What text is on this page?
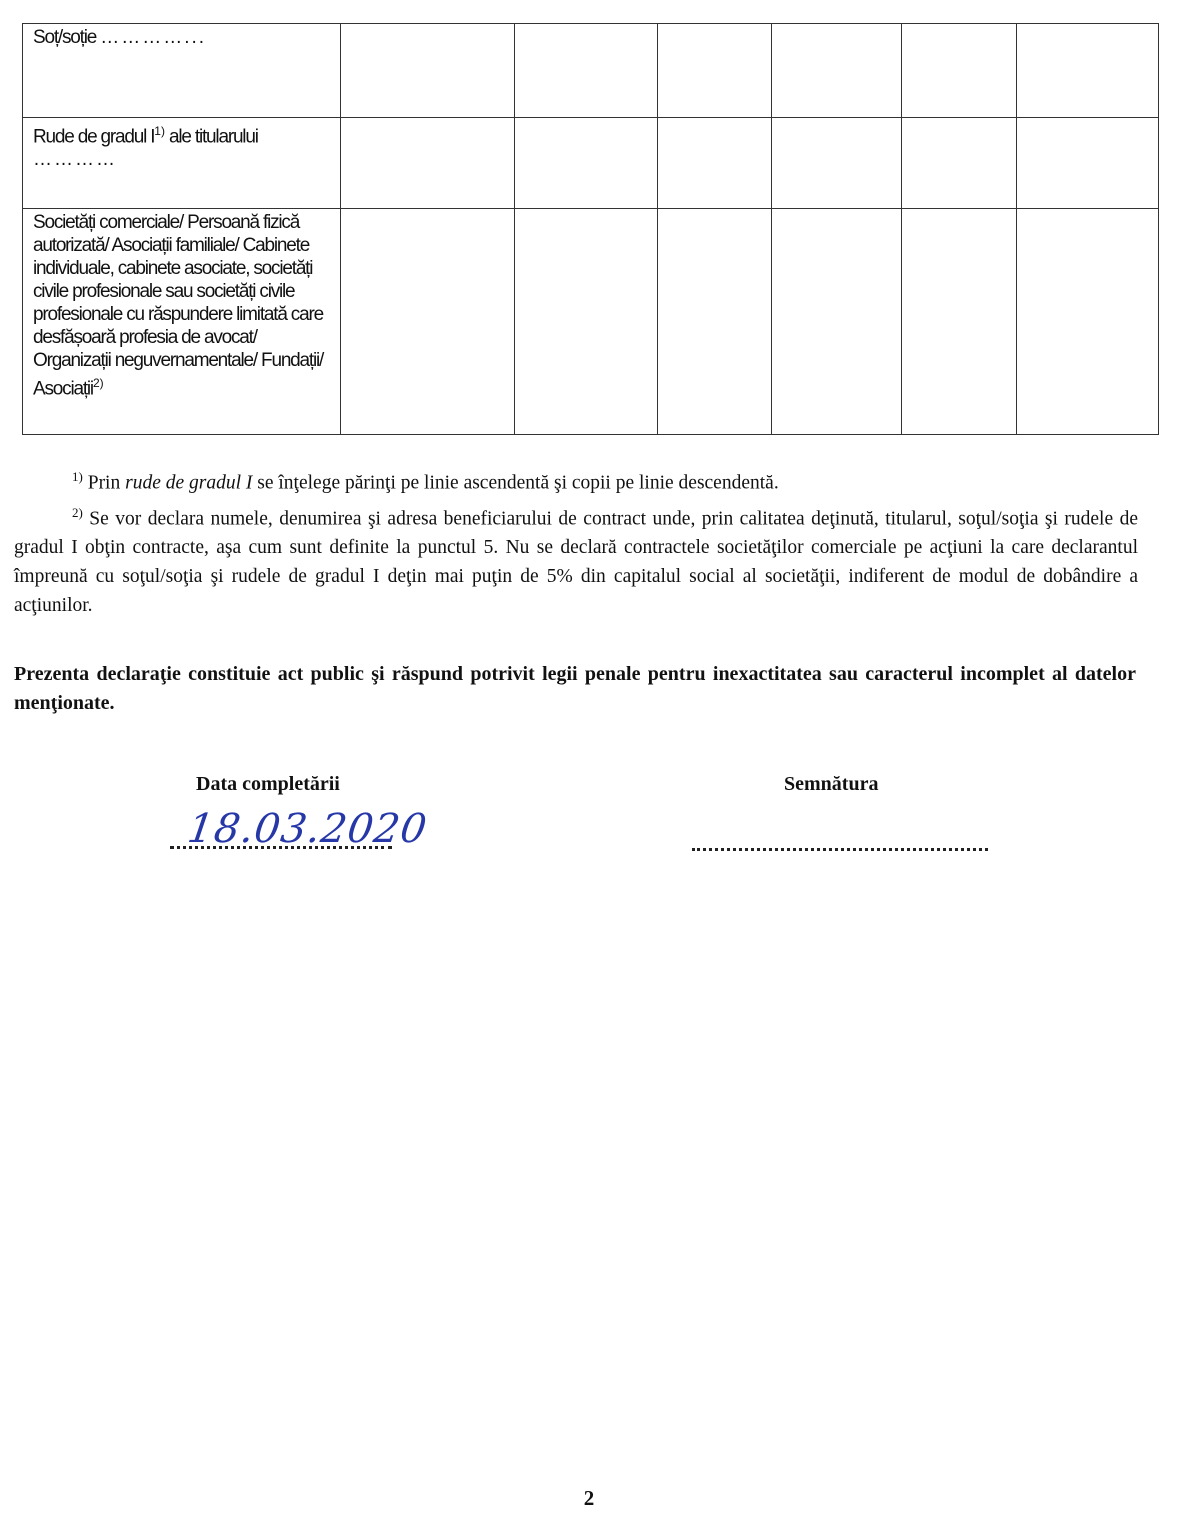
Soț/soție …………...						
Rude de gradul $I^{1)}$ ale titularului
…………						
Societăți comerciale/ Persoană fizică autorizată/ Asociații familiale/ Cabinete individuale, cabinete asociate, societăți civile profesionale sau societăți civile profesionale cu răspundere limitată care desfășoară profesia de avocat/ Organizații neguvernamentale/ Fundații/ Asociații$^{2)}$						

$^{1)}$ Prin rude de gradul I se înţelege părinţi pe linie ascendentă şi copii pe linie descendentă.

$^{2)}$ Se vor declara numele, denumirea şi adresa beneficiarului de contract unde, prin calitatea deţinută, titularul, soţul/soţia şi rudele de gradul I obţin contracte, aşa cum sunt definite la punctul 5. Nu se declară contractele societăţilor comerciale pe acţiuni la care declarantul împreună cu soţul/soţia şi rudele de gradul I deţin mai puţin de 5% din capitalul social al societăţii, indiferent de modul de dobândire a acţiunilor.

Prezenta declaraţie constituie act public şi răspund potrivit legii penale pentru inexactitatea sau caracterul incomplet al datelor menţionate.
Data completării	Semnătura
18.03.2020
2
